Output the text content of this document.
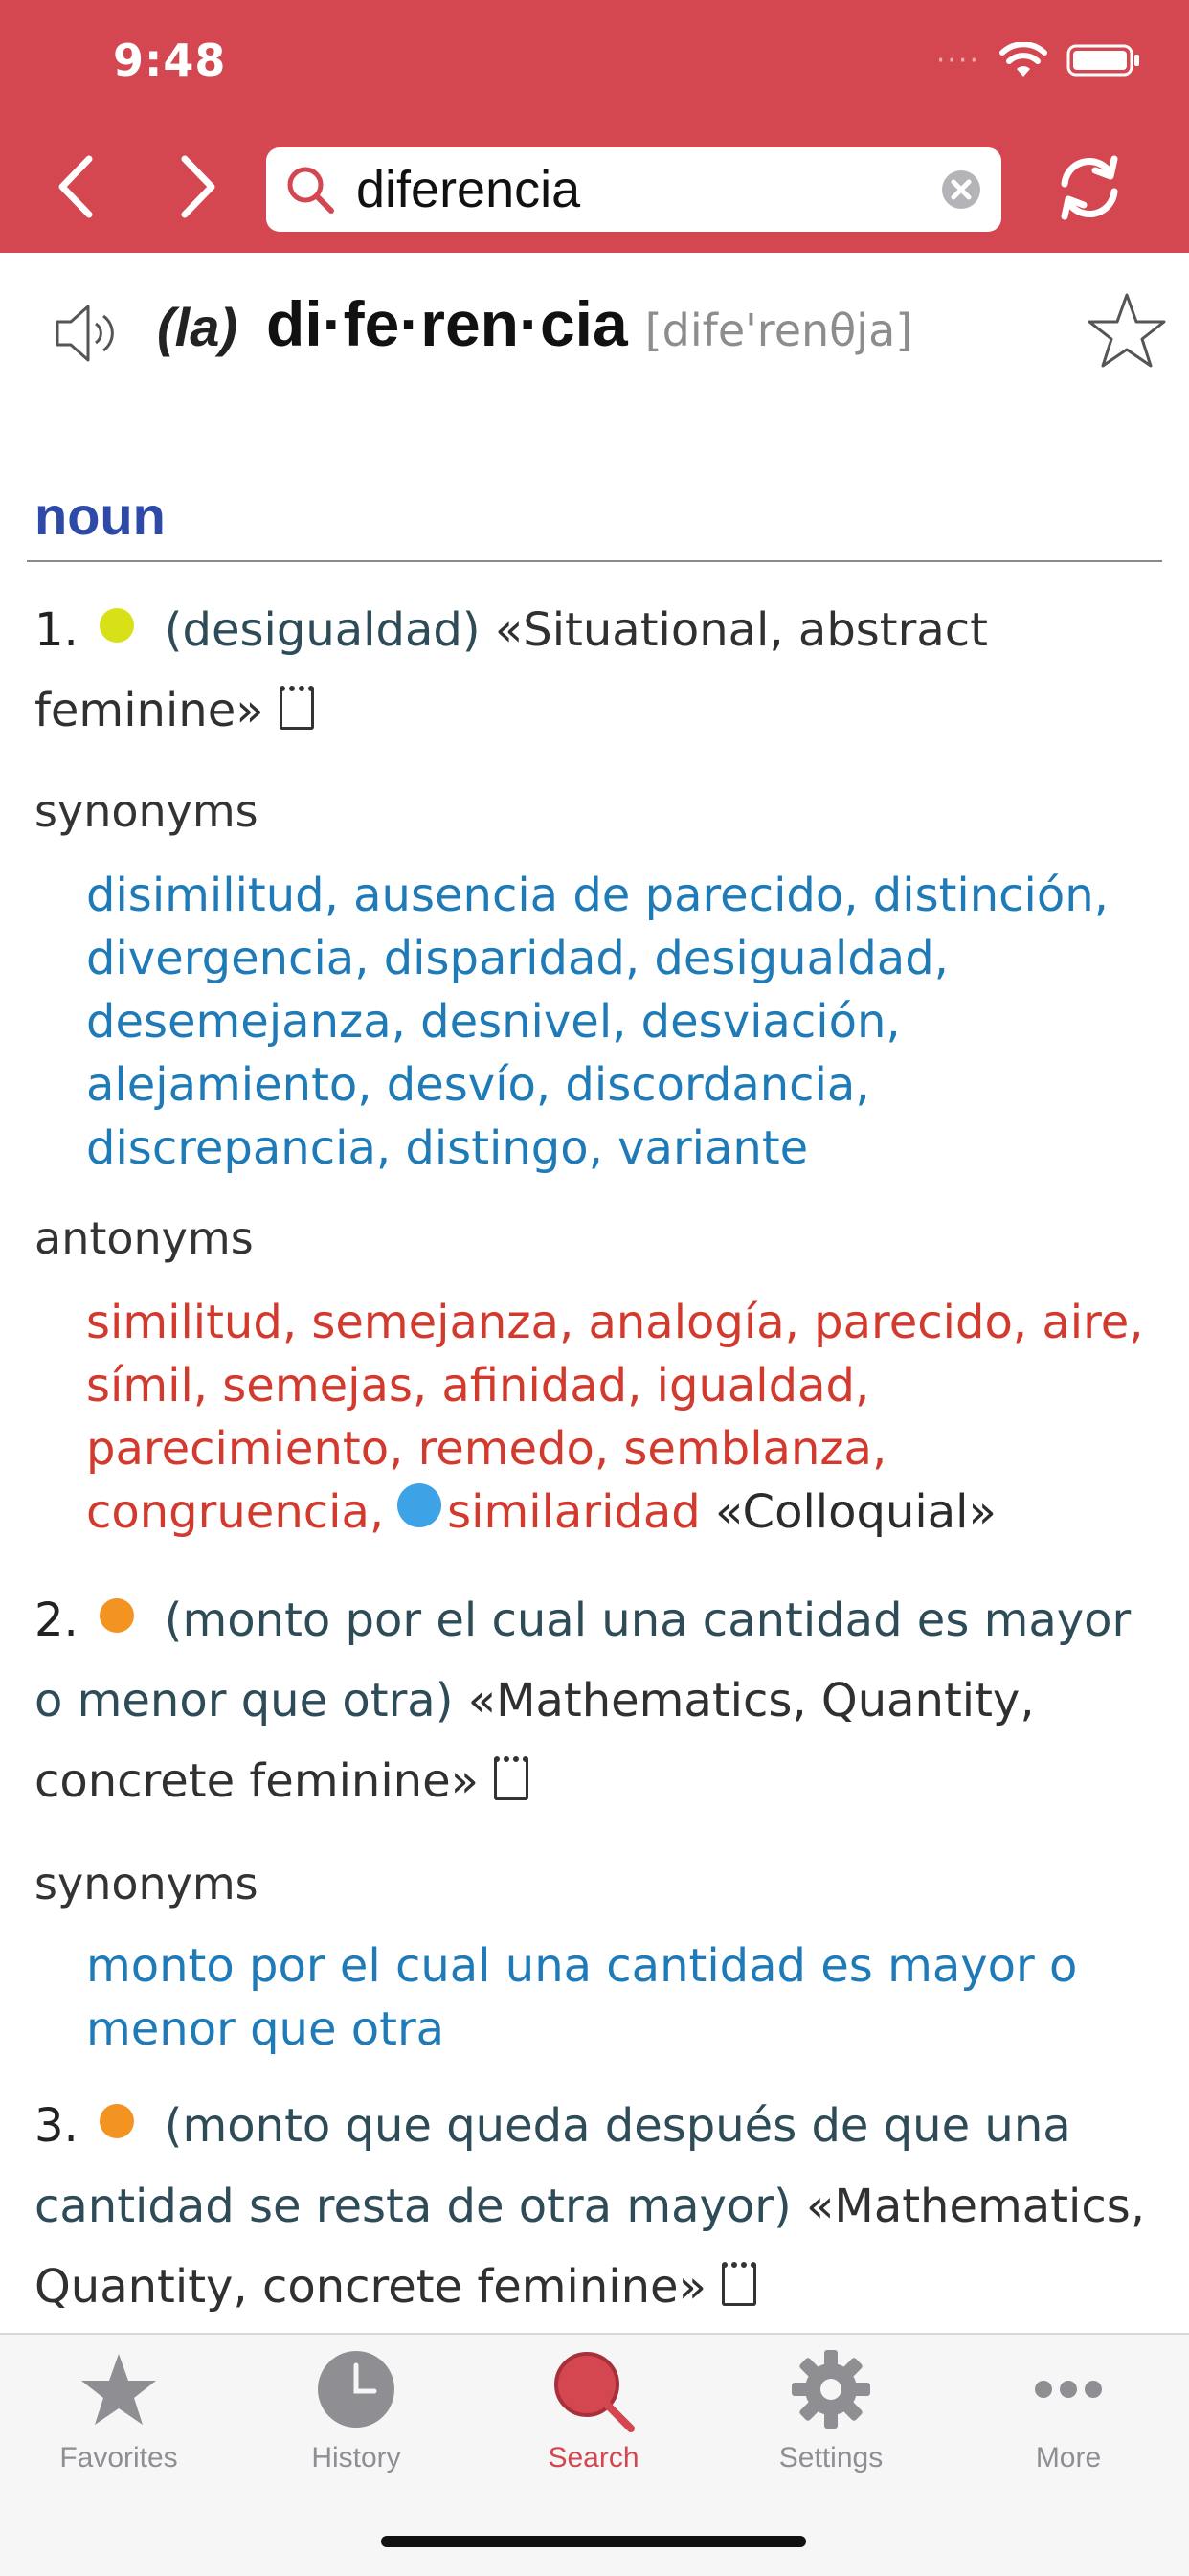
9:48	····
diferencia
(la) di·fe·ren·cia [dife'renθja]
noun
1. (desigualdad) «Situational, abstract feminine»
synonyms
disimilitud, ausencia de parecido, distinción, divergencia, disparidad, desigualdad, desemejanza, desnivel, desviación, alejamiento, desvío, discordancia, discrepancia, distingo, variante
antonyms
similitud, semejanza, analogía, parecido, aire, símil, semejas, afinidad, igualdad, parecimiento, remedo, semblanza, congruencia, similaridad «Colloquial»
2. (monto por el cual una cantidad es mayor o menor que otra) «Mathematics, Quantity, concrete feminine»
synonyms
monto por el cual una cantidad es mayor o menor que otra
3. (monto que queda después de que una cantidad se resta de otra mayor) «Mathematics, Quantity, concrete feminine»
Favorites	History	Search	Settings	More
